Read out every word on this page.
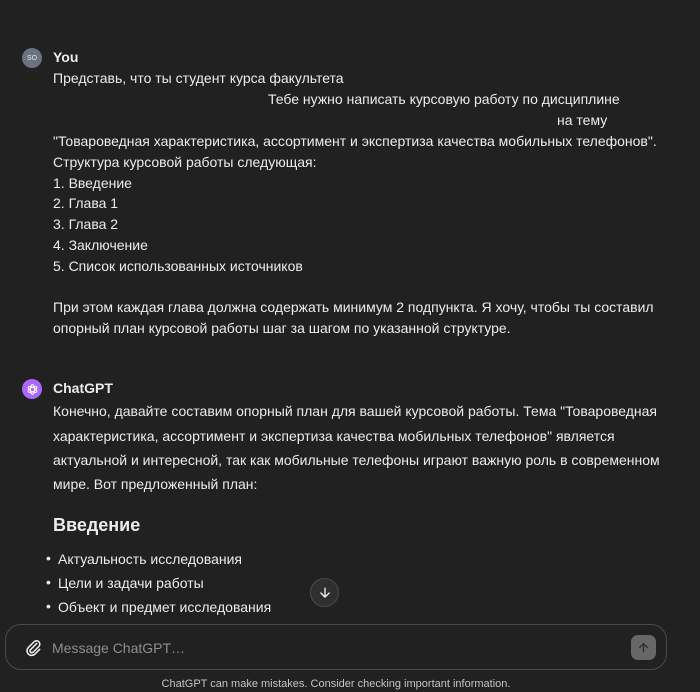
SO You
Представь, что ты студент курса факультета
Тебе нужно написать курсовую работу по дисциплине
на тему
"Товароведная характеристика, ассортимент и экспертиза качества мобильных телефонов".
Структура курсовой работы следующая:
1. Введение
2. Глава 1
3. Глава 2
4. Заключение
5. Список использованных источников
При этом каждая глава должна содержать минимум 2 подпункта. Я хочу, чтобы ты составил
опорный план курсовой работы шаг за шагом по указанной структуре.
ChatGPT
Конечно, давайте составим опорный план для вашей курсовой работы. Тема "Товароведная
характеристика, ассортимент и экспертиза качества мобильных телефонов" является
актуальной и интересной, так как мобильные телефоны играют важную роль в современном
мире. Вот предложенный план:
Введение
• Актуальность исследования
• Цели и задачи работы
• Объект и предмет исследования
Message ChatGPT…
ChatGPT can make mistakes. Consider checking important information.
